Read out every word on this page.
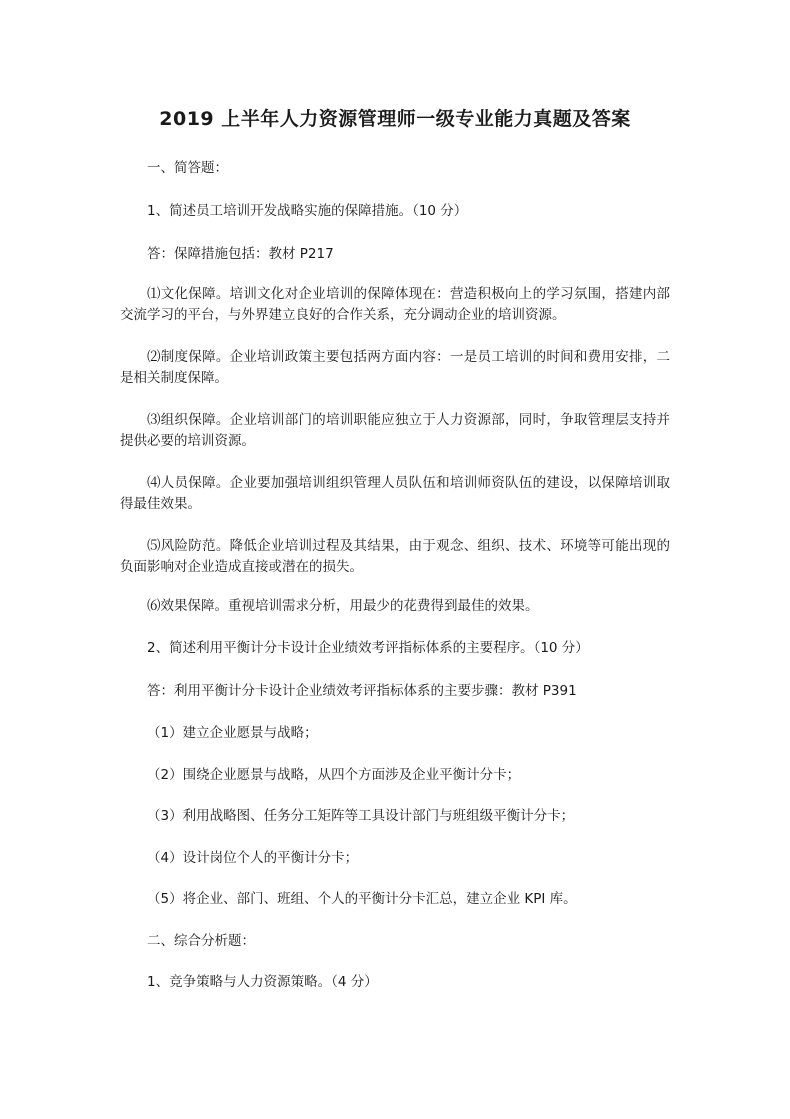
2019 上半年人力资源管理师一级专业能力真题及答案
一、简答题：
1、简述员工培训开发战略实施的保障措施。（10 分）
答：保障措施包括：教材 P217
⑴文化保障。培训文化对企业培训的保障体现在：营造积极向上的学习氛围，搭建内部交流学习的平台，与外界建立良好的合作关系，充分调动企业的培训资源。
⑵制度保障。企业培训政策主要包括两方面内容：一是员工培训的时间和费用安排，二是相关制度保障。
⑶组织保障。企业培训部门的培训职能应独立于人力资源部，同时，争取管理层支持并提供必要的培训资源。
⑷人员保障。企业要加强培训组织管理人员队伍和培训师资队伍的建设，以保障培训取得最佳效果。
⑸风险防范。降低企业培训过程及其结果，由于观念、组织、技术、环境等可能出现的负面影响对企业造成直接或潜在的损失。
⑹效果保障。重视培训需求分析，用最少的花费得到最佳的效果。
2、简述利用平衡计分卡设计企业绩效考评指标体系的主要程序。（10 分）
答：利用平衡计分卡设计企业绩效考评指标体系的主要步骤：教材 P391
（1）建立企业愿景与战略；
（2）围绕企业愿景与战略，从四个方面涉及企业平衡计分卡；
（3）利用战略图、任务分工矩阵等工具设计部门与班组级平衡计分卡；
（4）设计岗位个人的平衡计分卡；
（5）将企业、部门、班组、个人的平衡计分卡汇总，建立企业 KPI 库。
二、综合分析题：
1、竞争策略与人力资源策略。（4 分）
